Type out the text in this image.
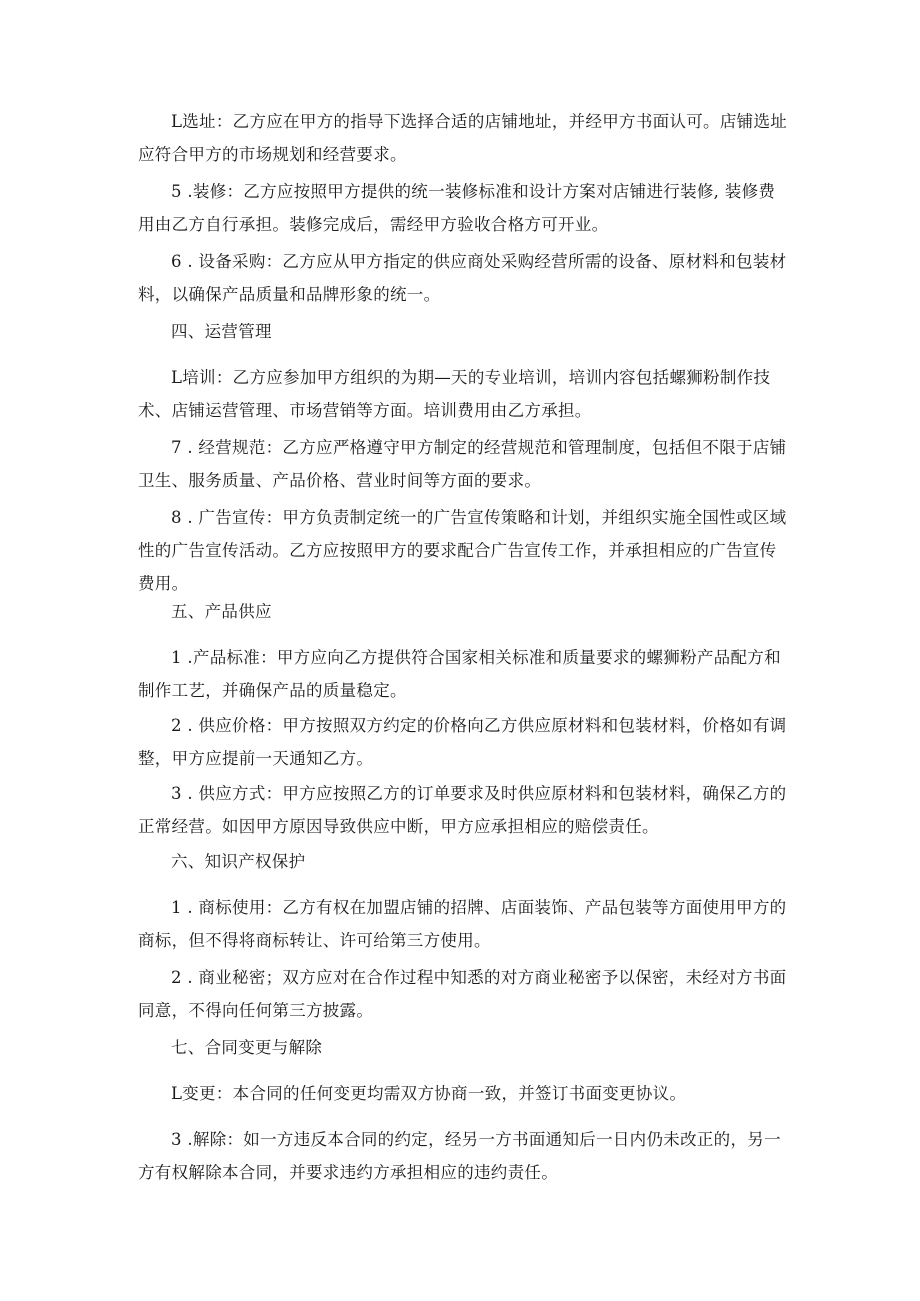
L选址：乙方应在甲方的指导下选择合适的店铺地址，并经甲方书面认可。店铺选址应符合甲方的市场规划和经营要求。

5 .装修：乙方应按照甲方提供的统一装修标准和设计方案对店铺进行装修, 装修费用由乙方自行承担。装修完成后，需经甲方验收合格方可开业。

6 . 设备采购：乙方应从甲方指定的供应商处采购经营所需的设备、原材料和包装材料，以确保产品质量和品牌形象的统一。

四、运营管理

L培训：乙方应参加甲方组织的为期—天的专业培训，培训内容包括螺狮粉制作技术、店铺运营管理、市场营销等方面。培训费用由乙方承担。

7 . 经营规范：乙方应严格遵守甲方制定的经营规范和管理制度，包括但不限于店铺卫生、服务质量、产品价格、营业时间等方面的要求。

8 . 广告宣传：甲方负责制定统一的广告宣传策略和计划，并组织实施全国性或区域性的广告宣传活动。乙方应按照甲方的要求配合广告宣传工作，并承担相应的广告宣传费用。

五、产品供应

1 .产品标准：甲方应向乙方提供符合国家相关标准和质量要求的螺狮粉产品配方和制作工艺，并确保产品的质量稳定。

2 . 供应价格：甲方按照双方约定的价格向乙方供应原材料和包装材料，价格如有调整，甲方应提前一天通知乙方。

3 . 供应方式：甲方应按照乙方的订单要求及时供应原材料和包装材料，确保乙方的正常经营。如因甲方原因导致供应中断，甲方应承担相应的赔偿责任。

六、知识产权保护

1 . 商标使用：乙方有权在加盟店铺的招牌、店面装饰、产品包装等方面使用甲方的商标，但不得将商标转让、许可给第三方使用。

2 . 商业秘密；双方应对在合作过程中知悉的对方商业秘密予以保密，未经对方书面同意，不得向任何第三方披露。

七、合同变更与解除

L变更：本合同的任何变更均需双方协商一致，并签订书面变更协议。

3 .解除：如一方违反本合同的约定，经另一方书面通知后一日内仍未改正的，另一方有权解除本合同，并要求违约方承担相应的违约责任。
